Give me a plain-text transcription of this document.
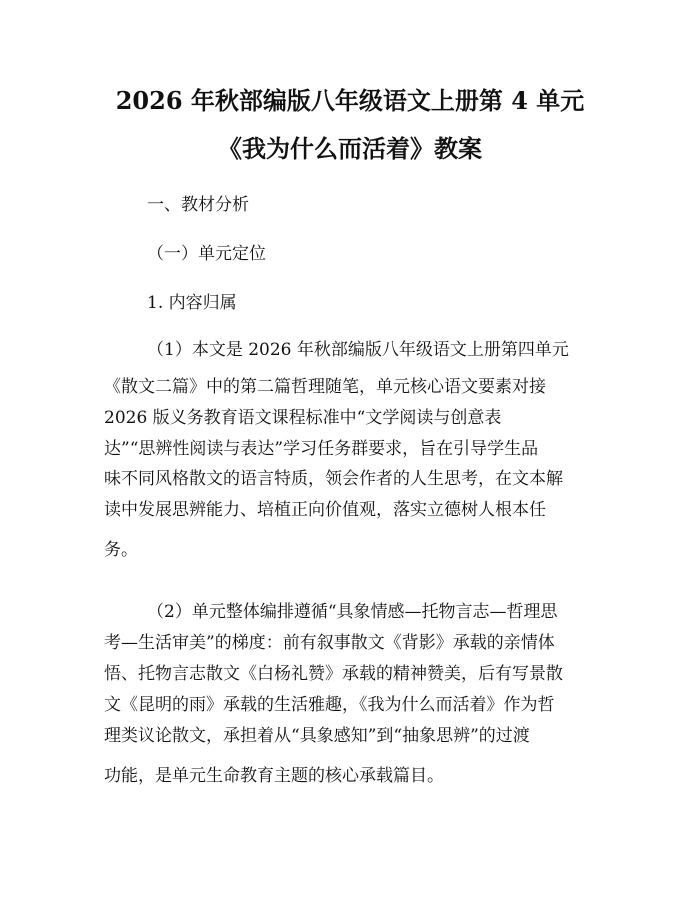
2026 年秋部编版八年级语文上册第 4 单元
《我为什么而活着》教案
一、教材分析
（一）单元定位
1. 内容归属
（1）本文是 2026 年秋部编版八年级语文上册第四单元
《散文二篇》中的第二篇哲理随笔，单元核心语文要素对接
2026 版义务教育语文课程标准中“文学阅读与创意表
达”“思辨性阅读与表达”学习任务群要求，旨在引导学生品
味不同风格散文的语言特质，领会作者的人生思考，在文本解
读中发展思辨能力、培植正向价值观，落实立德树人根本任
务。
（2）单元整体编排遵循“具象情感—托物言志—哲理思
考—生活审美”的梯度：前有叙事散文《背影》承载的亲情体
悟、托物言志散文《白杨礼赞》承载的精神赞美，后有写景散
文《昆明的雨》承载的生活雅趣，《我为什么而活着》作为哲
理类议论散文，承担着从“具象感知”到“抽象思辨”的过渡
功能，是单元生命教育主题的核心承载篇目。
